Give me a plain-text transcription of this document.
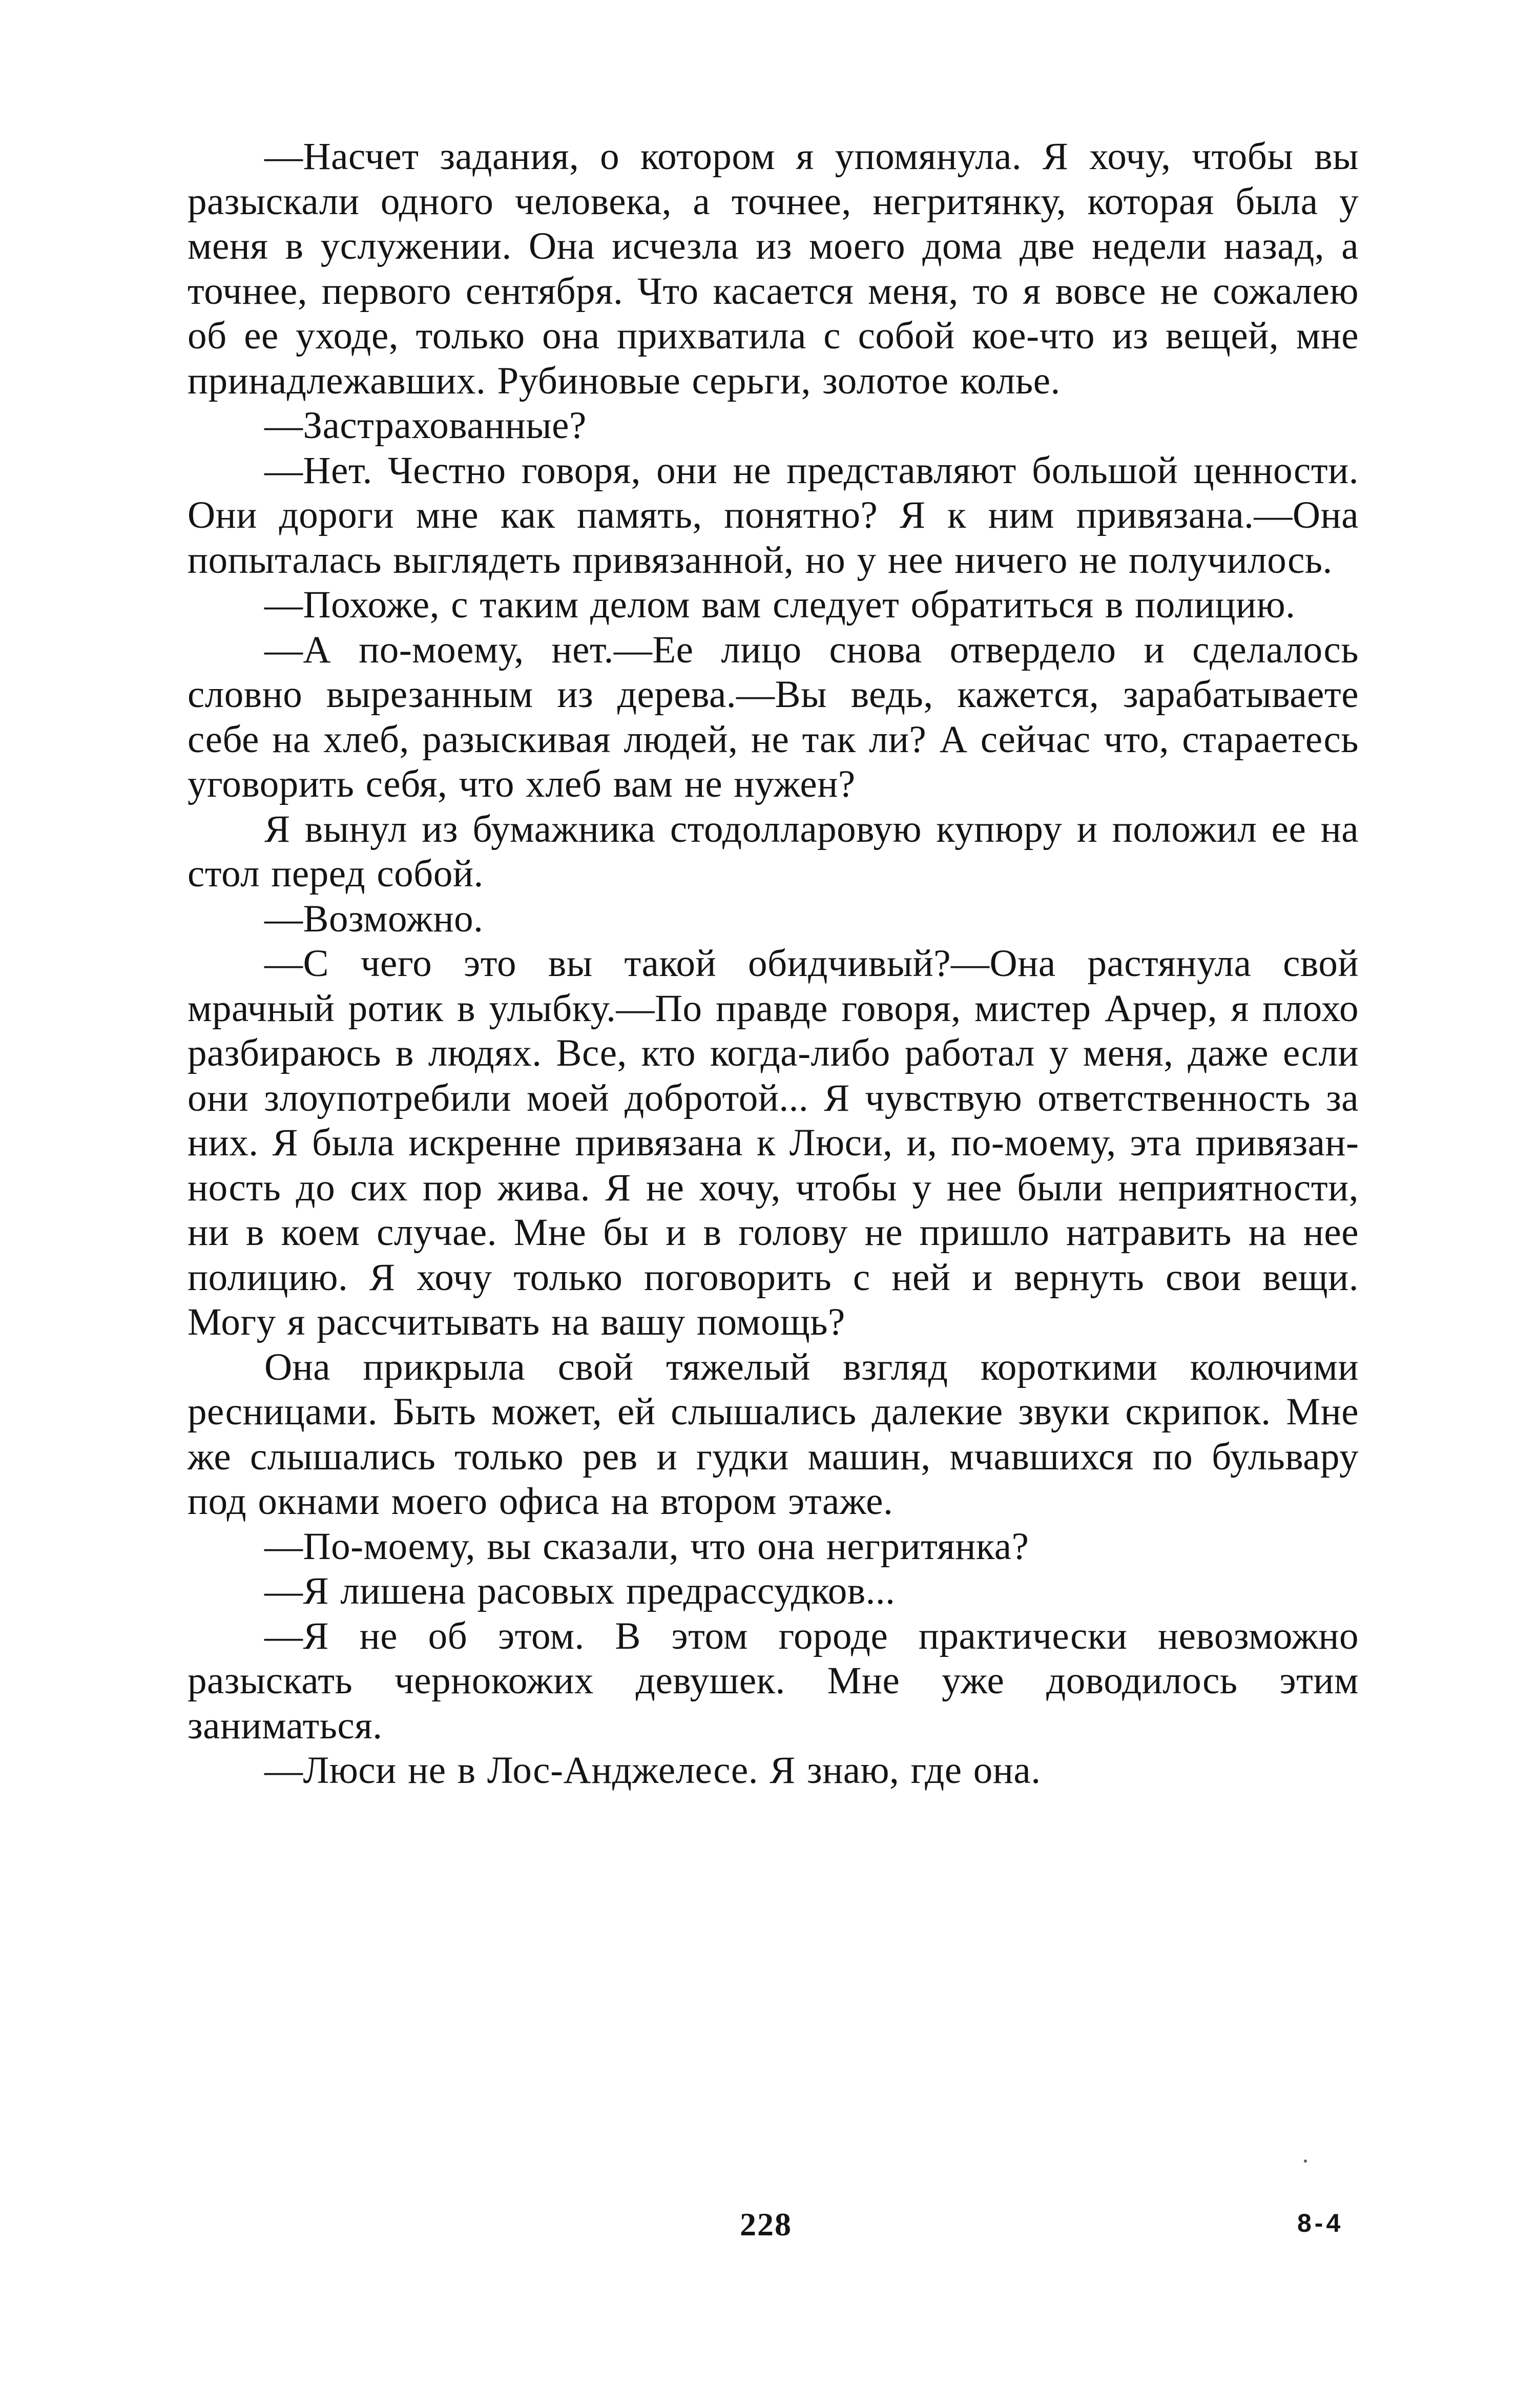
—Насчет задания, о котором я упомянула. Я хочу, чтобы вы разыскали одного человека, а точнее, негритянку, которая была у меня в услужении. Она исчезла из моего дома две недели назад, а точнее, первого сентября. Что касается меня, то я вовсе не сожалею об ее уходе, только она прихватила с собой кое-что из вещей, мне принадлежавших. Рубиновые серьги, золотое колье.

—Застрахованные?

—Нет. Честно говоря, они не представляют большой ценности. Они дороги мне как память, понятно? Я к ним привязана.—Она попыталась выглядеть привязанной, но у нее ничего не получилось.

—Похоже, с таким делом вам следует обратиться в полицию.

—А по-моему, нет.—Ее лицо снова отвердело и сделалось словно вырезанным из дерева.—Вы ведь, кажется, зарабатываете себе на хлеб, разыскивая людей, не так ли? А сейчас что, стараетесь уговорить себя, что хлеб вам не нужен?

Я вынул из бумажника стодолларовую купюру и положил ее на стол перед собой.

—Возможно.

—С чего это вы такой обидчивый?—Она растянула свой мрачный ротик в улыбку.—По правде говоря, мистер Арчер, я плохо разбираюсь в людях. Все, кто когда-либо работал у меня, даже если они злоупотребили моей добротой... Я чувствую ответственность за них. Я была искренне привязана к Люси, и, по-моему, эта привязанность до сих пор жива. Я не хочу, чтобы у нее были неприятности, ни в коем случае. Мне бы и в голову не пришло натравить на нее полицию. Я хочу только поговорить с ней и вернуть свои вещи. Могу я рассчитывать на вашу помощь?

Она прикрыла свой тяжелый взгляд короткими колючими ресницами. Быть может, ей слышались далекие звуки скрипок. Мне же слышались только рев и гудки машин, мчавшихся по бульвару под окнами моего офиса на втором этаже.

—По-моему, вы сказали, что она негритянка?

—Я лишена расовых предрассудков...

—Я не об этом. В этом городе практически невозможно разыскать чернокожих девушек. Мне уже доводилось этим заниматься.

—Люси не в Лос-Анджелесе. Я знаю, где она.

228	8-4
